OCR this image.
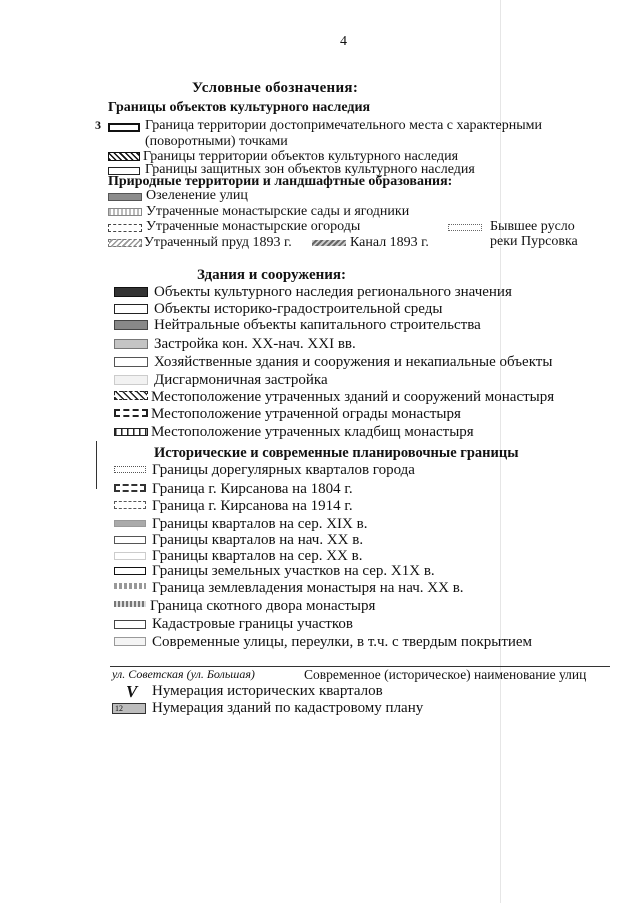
4
Условные обозначения:
Границы объектов культурного наследия
3	Граница территории достопримечательного места с характерными
(поворотными) точками
Границы территории объектов культурного наследия
Границы защитных зон объектов культурного наследия
Природные территории и ландшафтные образования:
Озеленение улиц
Утраченные монастырские сады и ягодники
Утраченные монастырские огороды
Утраченный пруд 1893 г.	Канал 1893 г.
Бывшее русло
реки Пурсовка
Здания и сооружения:
Объекты культурного наследия регионального значения
Объекты историко-градостроительной среды
Нейтральные объекты капитального строительства
Застройка кон. XX-нач. XXI вв.
Хозяйственные здания и сооружения и некапиальные объекты
Дисгармоничная застройка
Местоположение утраченных зданий и сооружений монастыря
Местоположение утраченной ограды монастыря
Местоположение утраченных кладбищ монастыря
Исторические и современные планировочные границы
Границы дорегулярных кварталов города
Граница г. Кирсанова на 1804 г.
Граница г. Кирсанова на 1914 г.
Границы кварталов на сер. XIX в.
Границы кварталов на нач. XX в.
Границы кварталов на сер. XX в.
Границы земельных участков на сер. X1X в.
Граница землевладения монастыря на нач. XX в.
Граница скотного двора монастыря
Кадастровые границы участков
Современные улицы, переулки, в т.ч. с твердым покрытием
ул. Советская (ул. Большая)	Современное (историческое) наименование улиц
V Нумерация исторических кварталов
12	Нумерация зданий по кадастровому плану
